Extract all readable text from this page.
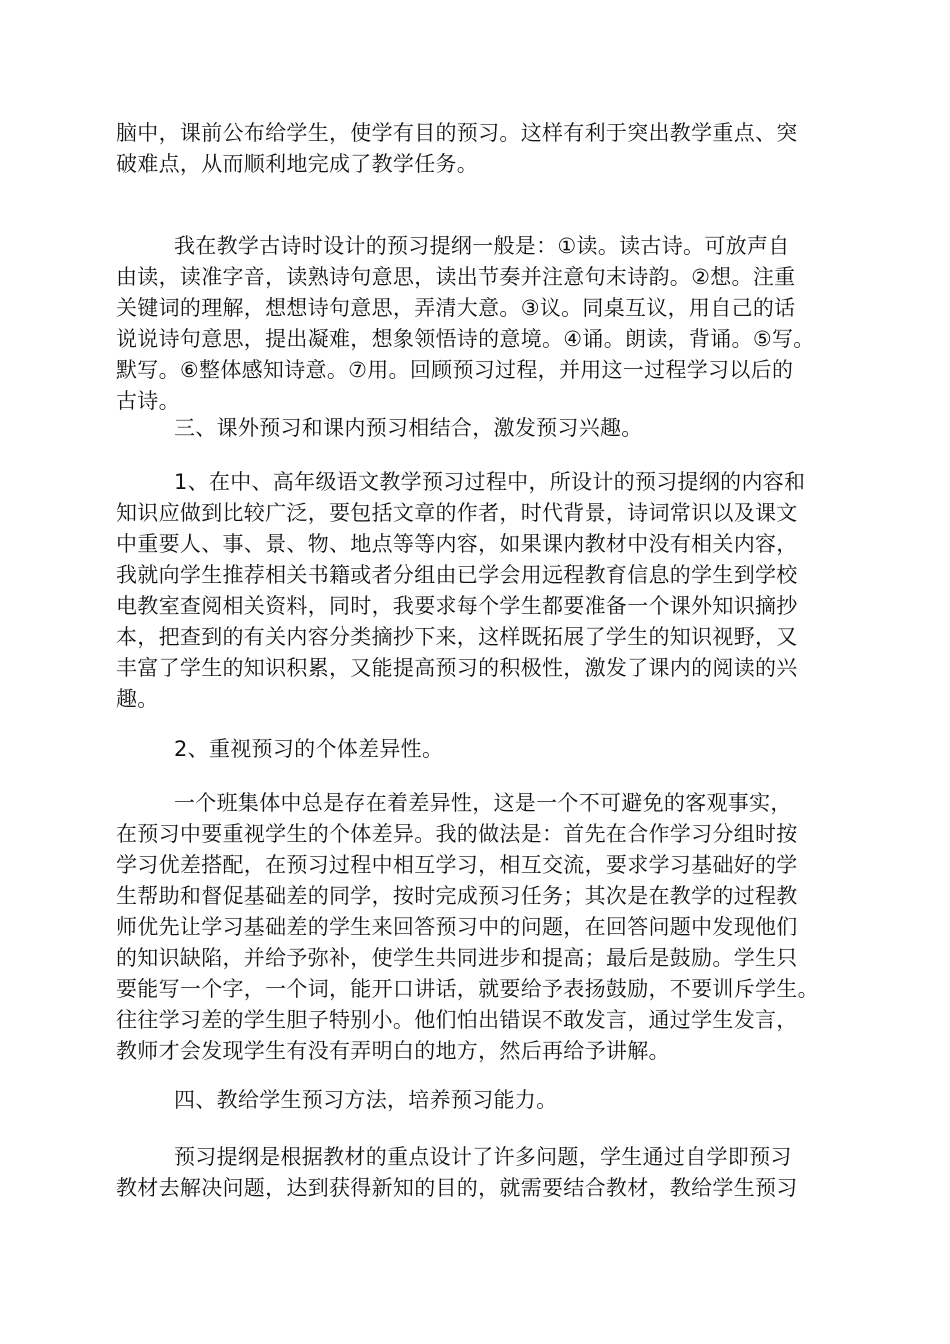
脑中，课前公布给学生，使学有目的预习。这样有利于突出教学重点、突
破难点，从而顺利地完成了教学任务。

我在教学古诗时设计的预习提纲一般是：①读。读古诗。可放声自
由读，读准字音，读熟诗句意思，读出节奏并注意句末诗韵。②想。注重
关键词的理解，想想诗句意思，弄清大意。③议。同桌互议，用自己的话
说说诗句意思，提出凝难，想象领悟诗的意境。④诵。朗读，背诵。⑤写。
默写。⑥整体感知诗意。⑦用。回顾预习过程，并用这一过程学习以后的
古诗。

三、课外预习和课内预习相结合，激发预习兴趣。

1、在中、高年级语文教学预习过程中，所设计的预习提纲的内容和
知识应做到比较广泛，要包括文章的作者，时代背景，诗词常识以及课文
中重要人、事、景、物、地点等等内容，如果课内教材中没有相关内容，
我就向学生推荐相关书籍或者分组由已学会用远程教育信息的学生到学校
电教室查阅相关资料，同时，我要求每个学生都要准备一个课外知识摘抄
本，把查到的有关内容分类摘抄下来，这样既拓展了学生的知识视野，又
丰富了学生的知识积累，又能提高预习的积极性，激发了课内的阅读的兴
趣。

2、重视预习的个体差异性。

一个班集体中总是存在着差异性，这是一个不可避免的客观事实，
在预习中要重视学生的个体差异。我的做法是：首先在合作学习分组时按
学习优差搭配，在预习过程中相互学习，相互交流，要求学习基础好的学
生帮助和督促基础差的同学，按时完成预习任务；其次是在教学的过程教
师优先让学习基础差的学生来回答预习中的问题，在回答问题中发现他们
的知识缺陷，并给予弥补，使学生共同进步和提高；最后是鼓励。学生只
要能写一个字，一个词，能开口讲话，就要给予表扬鼓励，不要训斥学生。
往往学习差的学生胆子特别小。他们怕出错误不敢发言，通过学生发言，
教师才会发现学生有没有弄明白的地方，然后再给予讲解。

四、教给学生预习方法，培养预习能力。

预习提纲是根据教材的重点设计了许多问题，学生通过自学即预习
教材去解决问题，达到获得新知的目的，就需要结合教材，教给学生预习
